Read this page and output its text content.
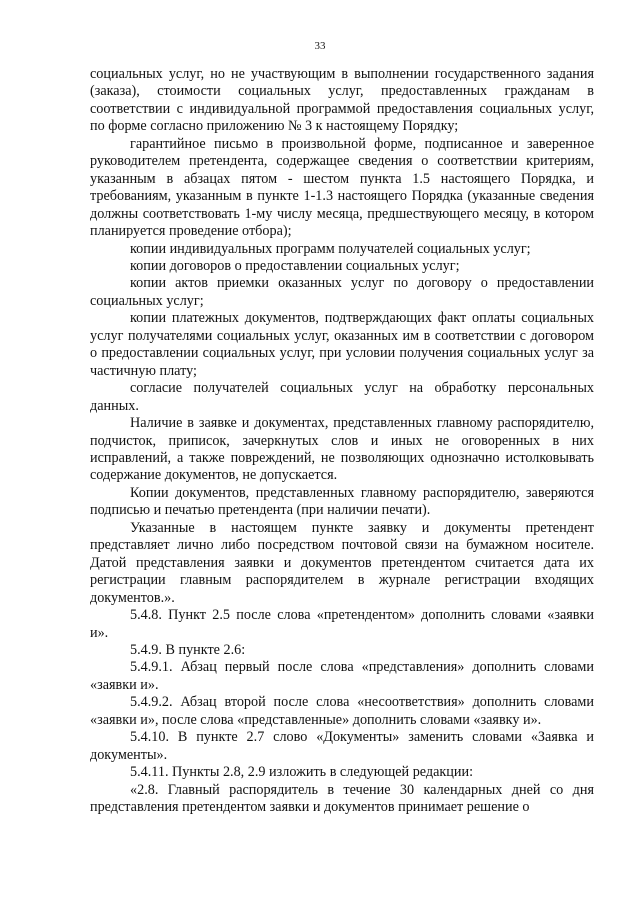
33

социальных услуг, но не участвующим в выполнении государственного задания (заказа), стоимости социальных услуг, предоставленных гражданам в соответствии с индивидуальной программой предоставления социальных услуг, по форме согласно приложению № 3 к настоящему Порядку;

гарантийное письмо в произвольной форме, подписанное и заверенное руководителем претендента, содержащее сведения о соответствии критериям, указанным в абзацах пятом - шестом пункта 1.5 настоящего Порядка, и требованиям, указанным в пункте 1-1.3 настоящего Порядка (указанные сведения должны соответствовать 1-му числу месяца, предшествующего месяцу, в котором планируется проведение отбора);

копии индивидуальных программ получателей социальных услуг;

копии договоров о предоставлении социальных услуг;

копии актов приемки оказанных услуг по договору о предоставлении социальных услуг;

копии платежных документов, подтверждающих факт оплаты социальных услуг получателями социальных услуг, оказанных им в соответствии с договором о предоставлении социальных услуг, при условии получения социальных услуг за частичную плату;

согласие получателей социальных услуг на обработку персональных данных.

Наличие в заявке и документах, представленных главному распорядителю, подчисток, приписок, зачеркнутых слов и иных не оговоренных в них исправлений, а также повреждений, не позволяющих однозначно истолковывать содержание документов, не допускается.

Копии документов, представленных главному распорядителю, заверяются подписью и печатью претендента (при наличии печати).

Указанные в настоящем пункте заявку и документы претендент представляет лично либо посредством почтовой связи на бумажном носителе. Датой представления заявки и документов претендентом считается дата их регистрации главным распорядителем в журнале регистрации входящих документов.».

5.4.8. Пункт 2.5 после слова «претендентом» дополнить словами «заявки и».

5.4.9. В пункте 2.6:

5.4.9.1. Абзац первый после слова «представления» дополнить словами «заявки и».

5.4.9.2. Абзац второй после слова «несоответствия» дополнить словами «заявки и», после слова «представленные» дополнить словами «заявку и».

5.4.10. В пункте 2.7 слово «Документы» заменить словами «Заявка и документы».

5.4.11. Пункты 2.8, 2.9 изложить в следующей редакции:

«2.8. Главный распорядитель в течение 30 календарных дней со дня представления претендентом заявки и документов принимает решение о
